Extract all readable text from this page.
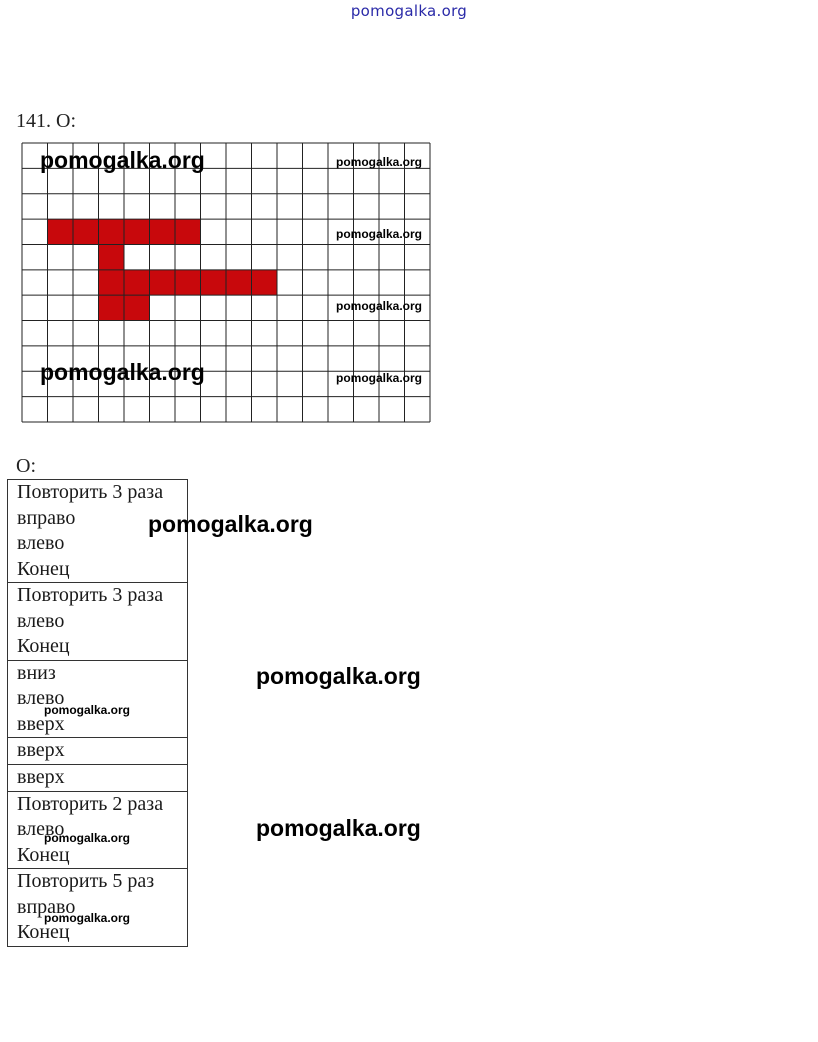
pomogalka.org
141. О:
pomogalka.org	pomogalka.org
pomogalka.org
pomogalka.org
pomogalka.org	pomogalka.org
О:
Повторить 3 раза
вправо
влево
Конец

Повторить 3 раза
влево
Конец

вниз
влево
вверх

вверх

вверх

Повторить 2 раза
влево
Конец

Повторить 5 раз
вправо
Конец
pomogalka.org
pomogalka.org
pomogalka.org
pomogalka.org
pomogalka.org
pomogalka.org
